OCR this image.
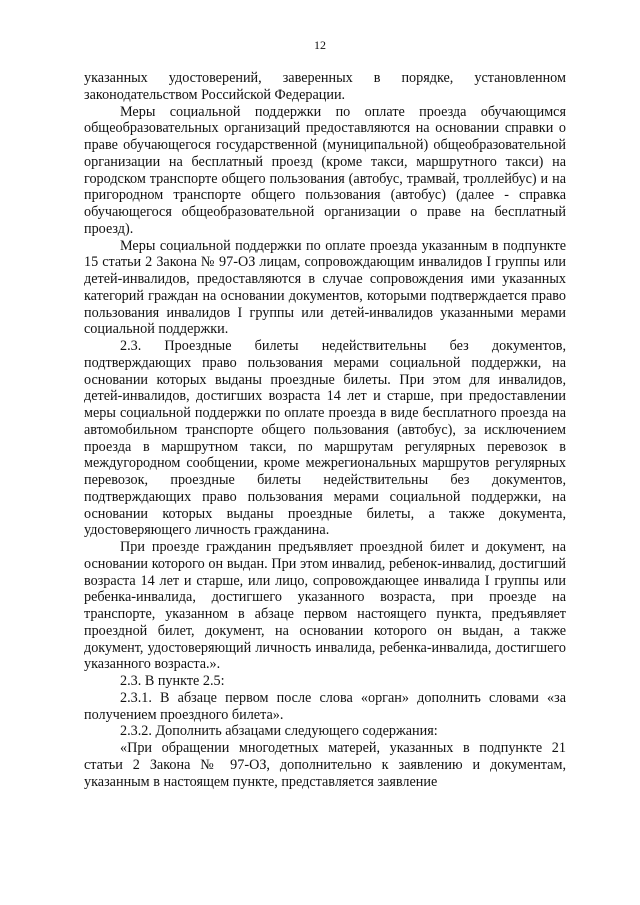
12

указанных удостоверений, заверенных в порядке, установленном законодательством Российской Федерации.

Меры социальной поддержки по оплате проезда обучающимся общеобразовательных организаций предоставляются на основании справки о праве обучающегося государственной (муниципальной) общеобразовательной организации на бесплатный проезд (кроме такси, маршрутного такси) на городском транспорте общего пользования (автобус, трамвай, троллейбус) и на пригородном транспорте общего пользования (автобус) (далее - справка обучающегося общеобразовательной организации о праве на бесплатный проезд).

Меры социальной поддержки по оплате проезда указанным в подпункте 15 статьи 2 Закона № 97-ОЗ лицам, сопровождающим инвалидов I группы или детей-инвалидов, предоставляются в случае сопровождения ими указанных категорий граждан на основании документов, которыми подтверждается право пользования инвалидов I группы или детей-инвалидов указанными мерами социальной поддержки.

2.3. Проездные билеты недействительны без документов, подтверждающих право пользования мерами социальной поддержки, на основании которых выданы проездные билеты. При этом для инвалидов, детей-инвалидов, достигших возраста 14 лет и старше, при предоставлении меры социальной поддержки по оплате проезда в виде бесплатного проезда на автомобильном транспорте общего пользования (автобус), за исключением проезда в маршрутном такси, по маршрутам регулярных перевозок в междугородном сообщении, кроме межрегиональных маршрутов регулярных перевозок, проездные билеты недействительны без документов, подтверждающих право пользования мерами социальной поддержки, на основании которых выданы проездные билеты, а также документа, удостоверяющего личность гражданина.

При проезде гражданин предъявляет проездной билет и документ, на основании которого он выдан. При этом инвалид, ребенок-инвалид, достигший возраста 14 лет и старше, или лицо, сопровождающее инвалида I группы или ребенка-инвалида, достигшего указанного возраста, при проезде на транспорте, указанном в абзаце первом настоящего пункта, предъявляет проездной билет, документ, на основании которого он выдан, а также документ, удостоверяющий личность инвалида, ребенка-инвалида, достигшего указанного возраста.».

2.3. В пункте 2.5:

2.3.1. В абзаце первом после слова «орган» дополнить словами «за получением проездного билета».

2.3.2. Дополнить абзацами следующего содержания:

«При обращении многодетных матерей, указанных в подпункте 21 статьи 2 Закона № 97-ОЗ, дополнительно к заявлению и документам, указанным в настоящем пункте, представляется заявление
